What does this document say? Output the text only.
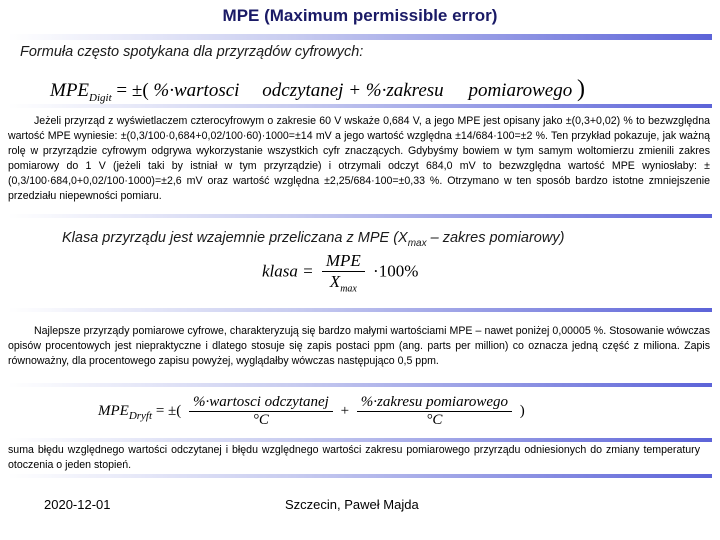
MPE (Maximum permissible error)
Formuła często spotykana dla przyrządów cyfrowych:
$MPE_{Digit}$ = ±( %·wartosci odczytanej + %·zakresu pomiarowego )
Jeżeli przyrząd z wyświetlaczem czterocyfrowym o zakresie 60 V wskaże 0,684 V, a jego MPE jest opisany jako ±(0,3+0,02) % to bezwzględna wartość MPE wyniesie: ±(0,3/100·0,684+0,02/100·60)·1000=±14 mV a jego wartość względna ±14/684·100=±2 %. Ten przykład pokazuje, jak ważną rolę w przyrządzie cyfrowym odgrywa wykorzystanie wszystkich cyfr znaczących. Gdybyśmy bowiem w tym samym woltomierzu zmienili zakres pomiarowy do 1 V (jeżeli taki by istniał w tym przyrządzie) i otrzymali odczyt 684,0 mV to bezwzględna wartość MPE wyniosłaby: ±(0,3/100·684,0+0,02/100·1000)=±2,6 mV oraz wartość względna ±2,25/684·100=±0,33 %. Otrzymano w ten sposób bardzo istotne zmniejszenie przedziału niepewności pomiaru.
Klasa przyrządu jest wzajemnie przeliczana z MPE ($X_{max}$ – zakres pomiarowy)
klasa = $\frac{\text{MPE}}{X_{max}} \cdot 100\%$
Najlepsze przyrządy pomiarowe cyfrowe, charakteryzują się bardzo małymi wartościami MPE – nawet poniżej 0,00005 %. Stosowanie wówczas opisów procentowych jest niepraktyczne i dlatego stosuje się zapis postaci ppm (ang. parts per million) co oznacza jedną część z miliona. Zapis równoważny, dla procentowego zapisu powyżej, wyglądałby wówczas następująco 0,5 ppm.
$MPE_{Dryft}$ = ±( $\frac{\text{\%·wartosci odczytanej}}{^\circ C} + \frac{\text{\%·zakresu pomiarowego}}{^\circ C}$ )
suma błędu względnego wartości odczytanej i błędu względnego wartości zakresu pomiarowego przyrządu odniesionych do zmiany temperatury otoczenia o jeden stopień.
2020-12-01	Szczecin, Paweł Majda
